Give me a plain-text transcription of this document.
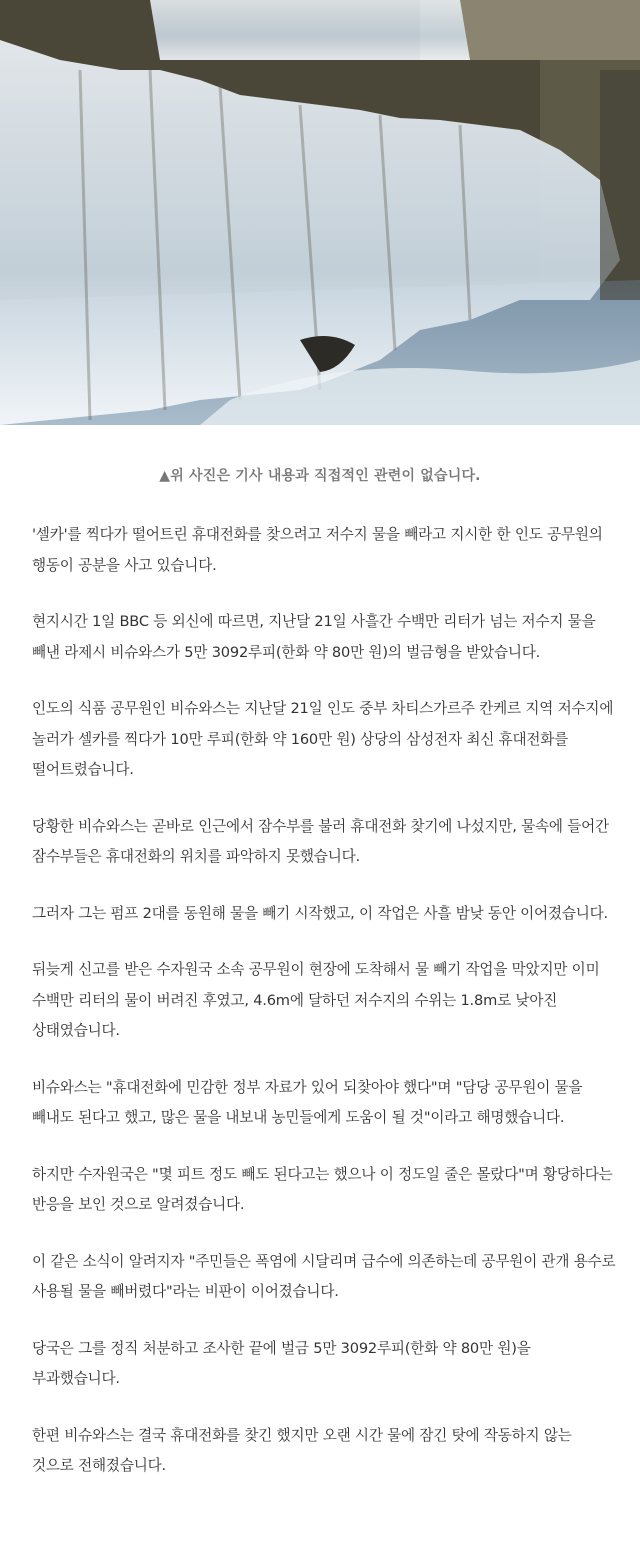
▲위 사진은 기사 내용과 직접적인 관련이 없습니다.

'셀카'를 찍다가 떨어트린 휴대전화를 찾으려고 저수지 물을 빼라고 지시한 한 인도 공무원의 행동이 공분을 사고 있습니다.

현지시간 1일 BBC 등 외신에 따르면, 지난달 21일 사흘간 수백만 리터가 넘는 저수지 물을 빼낸 라제시 비슈와스가 5만 3092루피(한화 약 80만 원)의 벌금형을 받았습니다.

인도의 식품 공무원인 비슈와스는 지난달 21일 인도 중부 차티스가르주 칸케르 지역 저수지에 놀러가 셀카를 찍다가 10만 루피(한화 약 160만 원) 상당의 삼성전자 최신 휴대전화를 떨어트렸습니다.

당황한 비슈와스는 곧바로 인근에서 잠수부를 불러 휴대전화 찾기에 나섰지만, 물속에 들어간 잠수부들은 휴대전화의 위치를 파악하지 못했습니다.

그러자 그는 펌프 2대를 동원해 물을 빼기 시작했고, 이 작업은 사흘 밤낮 동안 이어졌습니다.

뒤늦게 신고를 받은 수자원국 소속 공무원이 현장에 도착해서 물 빼기 작업을 막았지만 이미 수백만 리터의 물이 버려진 후였고, 4.6m에 달하던 저수지의 수위는 1.8m로 낮아진 상태였습니다.

비슈와스는 "휴대전화에 민감한 정부 자료가 있어 되찾아야 했다"며 "담당 공무원이 물을 빼내도 된다고 했고, 많은 물을 내보내 농민들에게 도움이 될 것"이라고 해명했습니다.

하지만 수자원국은 "몇 피트 정도 빼도 된다고는 했으나 이 정도일 줄은 몰랐다"며 황당하다는 반응을 보인 것으로 알려졌습니다.

이 같은 소식이 알려지자 "주민들은 폭염에 시달리며 급수에 의존하는데 공무원이 관개 용수로 사용될 물을 빼버렸다"라는 비판이 이어졌습니다.

당국은 그를 정직 처분하고 조사한 끝에 벌금 5만 3092루피(한화 약 80만 원)을 부과했습니다.

한편 비슈와스는 결국 휴대전화를 찾긴 했지만 오랜 시간 물에 잠긴 탓에 작동하지 않는 것으로 전해졌습니다.
